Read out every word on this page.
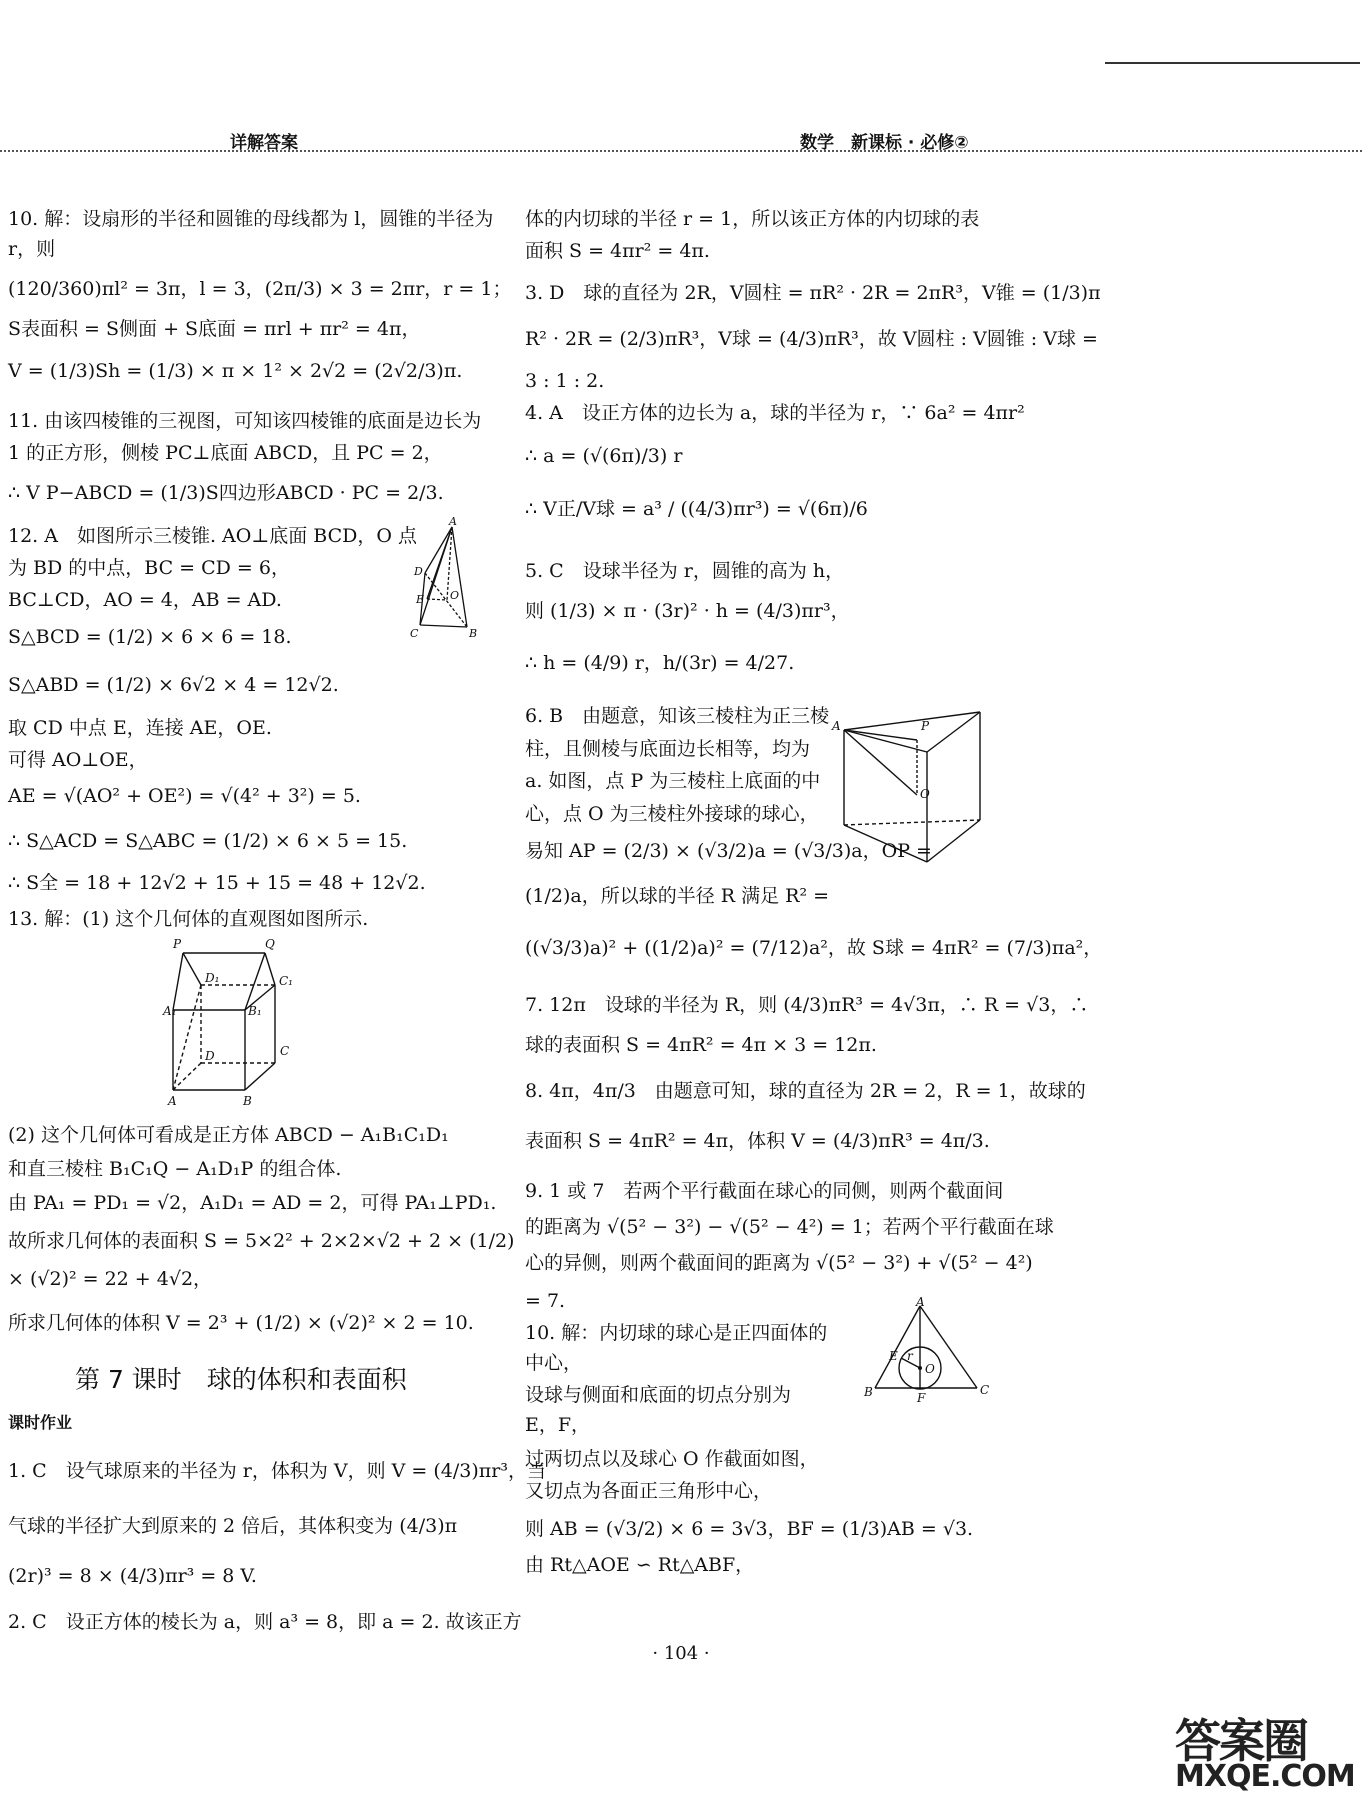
详解答案	数学　新课标 · 必修②
10. 解：设扇形的半径和圆锥的母线都为 l，圆锥的半径为
r，则
(120/360)πl² = 3π，l = 3，(2π/3) × 3 = 2πr，r = 1；
S表面积 = S侧面 + S底面 = πrl + πr² = 4π，
V = (1/3)Sh = (1/3) × π × 1² × 2√2 = (2√2/3)π.
11. 由该四棱锥的三视图，可知该四棱锥的底面是边长为
1 的正方形，侧棱 PC⊥底面 ABCD，且 PC = 2，
∴ V P−ABCD = (1/3)S四边形ABCD · PC = 2/3.
12. A　如图所示三棱锥. AO⊥底面 BCD，O 点
为 BD 的中点，BC = CD = 6，
BC⊥CD，AO = 4，AB = AD.
S△BCD = (1/2) × 6 × 6 = 18.
S△ABD = (1/2) × 6√2 × 4 = 12√2.
取 CD 中点 E，连接 AE，OE.
可得 AO⊥OE，
AE = √(AO² + OE²) = √(4² + 3²) = 5.
∴ S△ACD = S△ABC = (1/2) × 6 × 5 = 15.
∴ S全 = 18 + 12√2 + 15 + 15 = 48 + 12√2.
13. 解：(1) 这个几何体的直观图如图所示.
(2) 这个几何体可看成是正方体 ABCD − A₁B₁C₁D₁
和直三棱柱 B₁C₁Q − A₁D₁P 的组合体.
由 PA₁ = PD₁ = √2，A₁D₁ = AD = 2，可得 PA₁⊥PD₁.
故所求几何体的表面积 S = 5×2² + 2×2×√2 + 2 × (1/2)
× (√2)² = 22 + 4√2，
所求几何体的体积 V = 2³ + (1/2) × (√2)² × 2 = 10.
1. C　设气球原来的半径为 r，体积为 V，则 V = (4/3)πr³，当
气球的半径扩大到原来的 2 倍后，其体积变为 (4/3)π
(2r)³ = 8 × (4/3)πr³ = 8 V.
2. C　设正方体的棱长为 a，则 a³ = 8，即 a = 2. 故该正方
第 7 课时　球的体积和表面积
课时作业
体的内切球的半径 r = 1，所以该正方体的内切球的表
面积 S = 4πr² = 4π.
3. D　球的直径为 2R，V圆柱 = πR² · 2R = 2πR³，V锥 = (1/3)π
R² · 2R = (2/3)πR³，V球 = (4/3)πR³，故 V圆柱 : V圆锥 : V球 =
3 : 1 : 2.
4. A　设正方体的边长为 a，球的半径为 r，∵ 6a² = 4πr²
∴ a = (√(6π)/3) r
∴ V正/V球 = a³ / ((4/3)πr³) = √(6π)/6
5. C　设球半径为 r，圆锥的高为 h，
则 (1/3) × π · (3r)² · h = (4/3)πr³，
∴ h = (4/9) r，h/(3r) = 4/27.
6. B　由题意，知该三棱柱为正三棱
柱，且侧棱与底面边长相等，均为
a. 如图，点 P 为三棱柱上底面的中
心，点 O 为三棱柱外接球的球心，
易知 AP = (2/3) × (√3/2)a = (√3/3)a，OP =
(1/2)a，所以球的半径 R 满足 R² =
((√3/3)a)² + ((1/2)a)² = (7/12)a²，故 S球 = 4πR² = (7/3)πa²，
7. 12π　设球的半径为 R，则 (4/3)πR³ = 4√3π，∴ R = √3，∴
球的表面积 S = 4πR² = 4π × 3 = 12π.
8. 4π，4π/3　由题意可知，球的直径为 2R = 2，R = 1，故球的
表面积 S = 4πR² = 4π，体积 V = (4/3)πR³ = 4π/3.
9. 1 或 7　若两个平行截面在球心的同侧，则两个截面间
的距离为 √(5² − 3²) − √(5² − 4²) = 1；若两个平行截面在球
心的异侧，则两个截面间的距离为 √(5² − 3²) + √(5² − 4²)
= 7.
10. 解：内切球的球心是正四面体的
中心，
设球与侧面和底面的切点分别为
E，F，
过两切点以及球心 O 作截面如图，
又切点为各面正三角形中心，
则 AB = (√3/2) × 6 = 3√3，BF = (1/3)AB = √3.
由 Rt△AOE ∽ Rt△ABF，
A
D
E O
C	B
P	Q
D₁	C₁
A₁	B₁
D	C
A	B
A	P
O
A
E r
O
B	F
C
· 104 ·
答案圈
MXQE.COM
